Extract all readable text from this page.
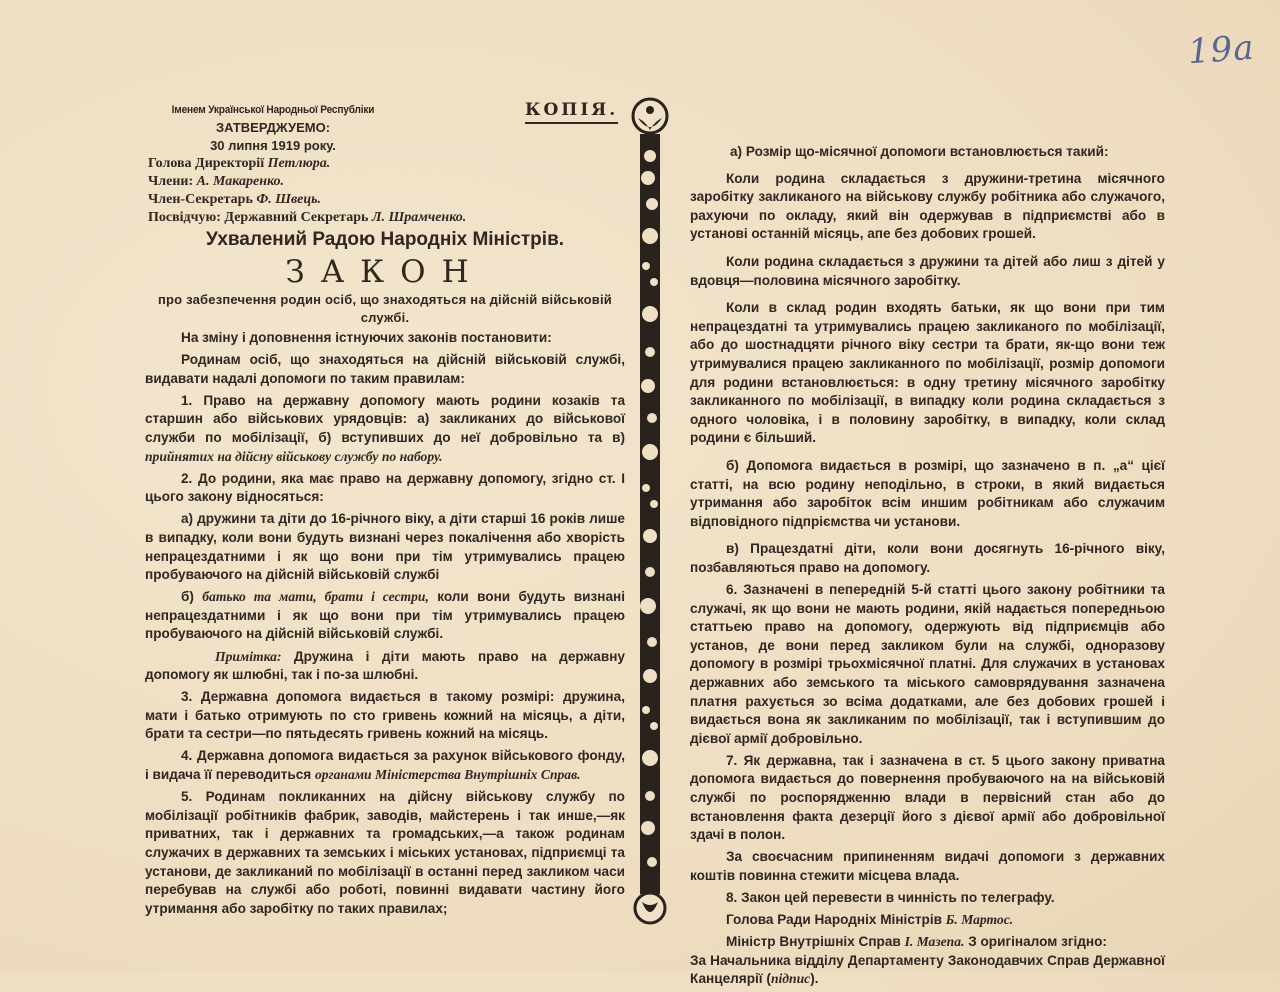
19а
Іменем Української Народньої Республіки
ЗАТВЕРДЖУЕМО:
30 липня 1919 року.
Голова Директорії Петлюра.
Члени: А. Макаренко.
Член-Секретарь Ф. Швець.
Посвідчую: Державний Секретарь Л. Шрамченко.
КОПІЯ.
Ухвалений Радою Народніх Міністрів.
ЗАКОН
про забезпечення родин осіб, що знаходяться на дійсній військовій службі.

На зміну і доповнення істнуючих законів постановити:

Родинам осіб, що знаходяться на дійсній військовій службі, видавати надалі допомоги по таким правилам:

1. Право на державну допомогу мають родини козаків та старшин або військових урядовців: а) закликаних до військової служби по мобілізації, б) вступивших до неї добровільно та в) прийнятих на дійсну військову службу по набору.

2. До родини, яка має право на державну допомогу, згідно ст. І цього закону відносяться:

а) дружини та діти до 16-річного віку, а діти старші 16 років лише в випадку, коли вони будуть визнані через покалічення або хворість непрацездатними і як що вони при тім утримувались працею пробуваючого на дійсній військовій службі

б) батько та мати, брати і сестри, коли вони будуть визнані непрацездатними і як що вони при тім утримувались працею пробуваючого на дійсній військовій службі.

Примітка: Дружина і діти мають право на державну допомогу як шлюбні, так і по-за шлюбні.

3. Державна допомога видається в такому розмірі: дружина, мати і батько отримують по сто гривень кожний на місяць, а діти, брати та сестри—по пятьдесять гривень кожний на місяць.

4. Державна допомога видається за рахунок військового фонду, і видача її переводиться органами Міністерства Внутрішніх Справ.

5. Родинам покликанних на дійсну військову службу по мобілізації робітників фабрик, заводів, майстерень і так инше,—як приватних, так і державних та громадських,—а також родинам служачих в державних та земських і міських установах, підприємці та установи, де закликаний по мобілізації в останні перед закликом часи перебував на службі або роботі, повинні видавати частину його утримання або заробітку по таких правилах;

а) Розмір що-місячної допомоги встановлюється такий:

Коли родина складається з дружини-третина місячного заробітку закликаного на військову службу робітника або служачого, рахуючи по окладу, який він одержував в підприємстві або в установі останній місяць, апе без добових грошей.

Коли родина складається з дружини та дітей або лиш з дітей у вдовця—половина місячного заробітку.

Коли в склад родин входять батьки, як що вони при тим непрацездатні та утримувались працею закликаного по мобілізації, або до шостнадцяти річного віку сестри та брати, як-що вони теж утримувалися працею закликанного по мобілізації, розмір допомоги для родини встановлюється: в одну третину місячного заробітку закликанного по мобілізації, в випадку коли родина складається з одного чоловіка, і в половину заробітку, в випадку, коли склад родини є більший.

б) Допомога видається в розмірі, що зазначено в п. „а“ цієї статті, на всю родину неподільно, в строки, в який видається утримання або заробіток всім иншим робітникам або служачим відповідного підпріємства чи установи.

в) Працездатні діти, коли вони досягнуть 16-річного віку, позбавляються право на допомогу.

6. Зазначені в пепередній 5-й статті цього закону робітники та служачі, як що вони не мають родини, якій надається попередньою статтьею право на допомогу, одержують від підприємців або установ, де вони перед закликом були на службі, одноразову допомогу в розмірі трьохмісячної платні. Для служачих в установах державних або земського та міського самоврядування зазначена платня рахується зо всіма додатками, але без добових грошей і видається вона як закликаним по мобілізації, так і вступившим до дієвої армії добровільно.

7. Як державна, так і зазначена в ст. 5 цього закону приватна допомога видається до повернення пробуваючого на на військовій службі по роспорядженню влади в первісний стан або до встановлення факта дезерції його з дієвої армії або добровільної здачі в полон.

За своєчасним припиненням видачі допомоги з державних коштів повинна стежити місцева влада.

8. Закон цей перевести в чинність по телеграфу.

Голова Ради Народніх Міністрів Б. Мартос.

Міністр Внутрішніх Справ І. Мазепа. З оригіналом згідно:

За Начальника відділу Департаменту Законодавчих Справ Державної Канцелярії (підпис).
